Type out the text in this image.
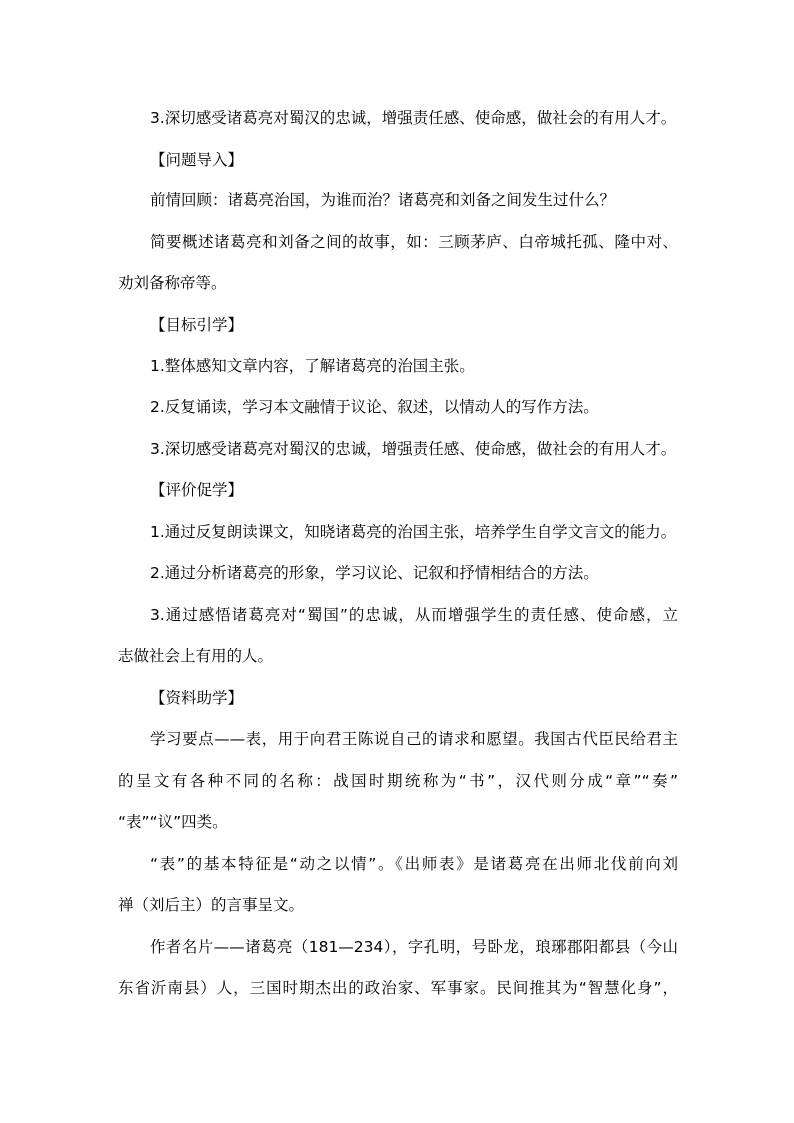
3.深切感受诸葛亮对蜀汉的忠诚，增强责任感、使命感，做社会的有用人才。
【问题导入】
前情回顾：诸葛亮治国，为谁而治？诸葛亮和刘备之间发生过什么？
简要概述诸葛亮和刘备之间的故事，如：三顾茅庐、白帝城托孤、隆中对、
劝刘备称帝等。
【目标引学】
1.整体感知文章内容，了解诸葛亮的治国主张。
2.反复诵读，学习本文融情于议论、叙述，以情动人的写作方法。
3.深切感受诸葛亮对蜀汉的忠诚，增强责任感、使命感，做社会的有用人才。
【评价促学】
1.通过反复朗读课文，知晓诸葛亮的治国主张，培养学生自学文言文的能力。
2.通过分析诸葛亮的形象，学习议论、记叙和抒情相结合的方法。
3.通过感悟诸葛亮对“蜀国”的忠诚，从而增强学生的责任感、使命感，立
志做社会上有用的人。
【资料助学】
学习要点——表，用于向君王陈说自己的请求和愿望。我国古代臣民给君主
的呈文有各种不同的名称：战国时期统称为“书”，汉代则分成“章”“奏”
“表”“议”四类。
“表”的基本特征是“动之以情”。《出师表》是诸葛亮在出师北伐前向刘
禅（刘后主）的言事呈文。
作者名片——诸葛亮（181—234），字孔明，号卧龙，琅琊郡阳都县（今山
东省沂南县）人，三国时期杰出的政治家、军事家。民间推其为“智慧化身”，
